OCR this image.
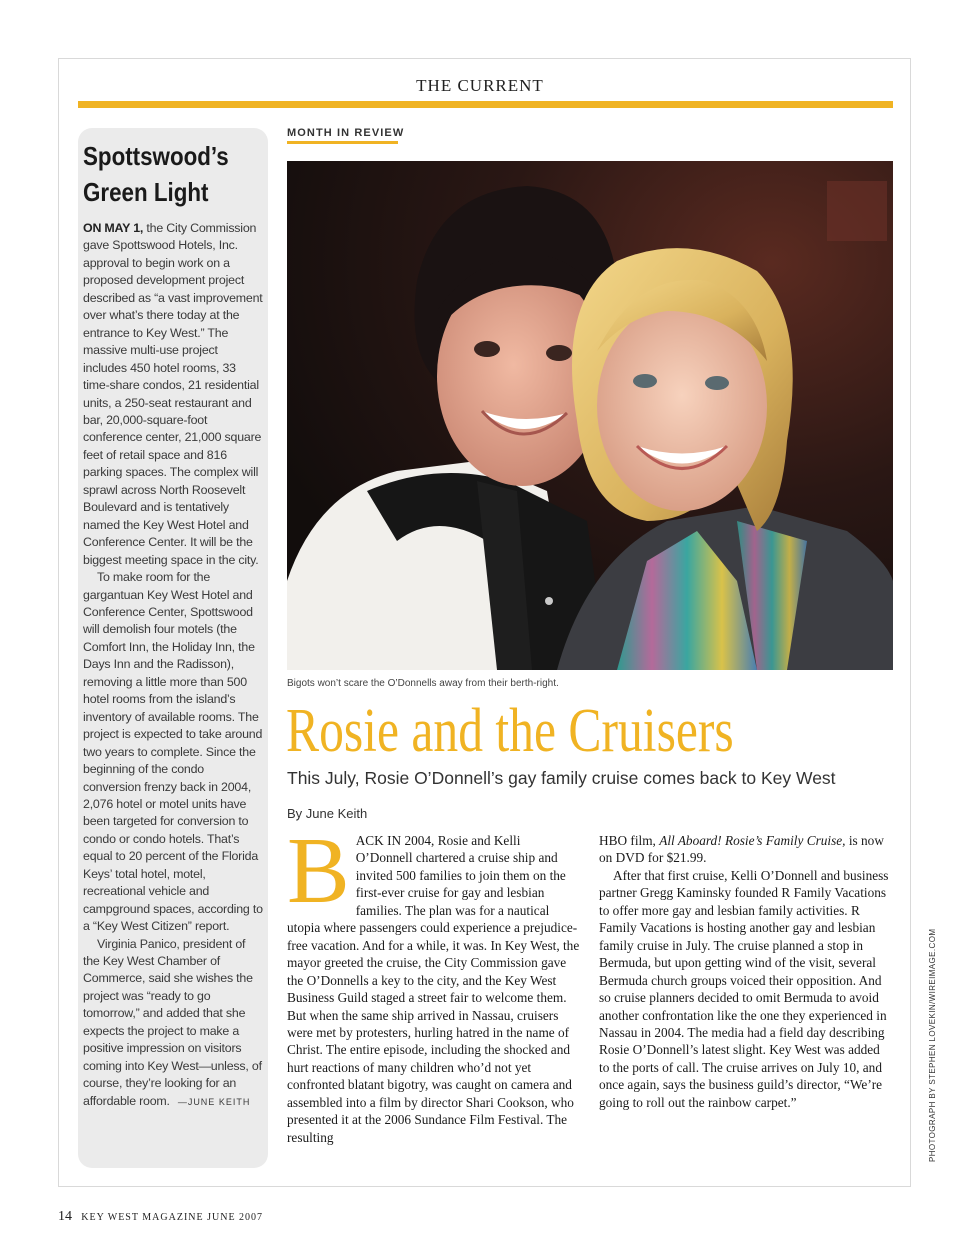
THE CURRENT
Spottswood’s Green Light

ON MAY 1, the City Commission gave Spottswood Hotels, Inc. approval to begin work on a proposed development project described as “a vast improvement over what’s there today at the entrance to Key West.” The massive multi-use project includes 450 hotel rooms, 33 time-share condos, 21 residential units, a 250-seat restaurant and bar, 20,000-square-foot conference center, 21,000 square feet of retail space and 816 parking spaces. The complex will sprawl across North Roosevelt Boulevard and is tentatively named the Key West Hotel and Conference Center. It will be the biggest meeting space in the city.

To make room for the gargantuan Key West Hotel and Conference Center, Spottswood will demolish four motels (the Comfort Inn, the Holiday Inn, the Days Inn and the Radisson), removing a little more than 500 hotel rooms from the island’s inventory of available rooms. The project is expected to take around two years to complete. Since the beginning of the condo conversion frenzy back in 2004, 2,076 hotel or motel units have been targeted for conversion to condo or condo hotels. That’s equal to 20 percent of the Florida Keys’ total hotel, motel, recreational vehicle and campground spaces, according to a “Key West Citizen” report.

Virginia Panico, president of the Key West Chamber of Commerce, said she wishes the project was “ready to go tomorrow,” and added that she expects the project to make a positive impression on visitors coming into Key West—unless, of course, they’re looking for an affordable room. —JUNE KEITH

MONTH IN REVIEW
Bigots won’t scare the O’Donnells away from their berth-right.
PHOTOGRAPH BY STEPHEN LOVEKIN/WIREIMAGE.COM
Rosie and the Cruisers
This July, Rosie O’Donnell’s gay family cruise comes back to Key West
By June Keith

BACK IN 2004, Rosie and Kelli O’Donnell chartered a cruise ship and invited 500 families to join them on the first-ever cruise for gay and lesbian families. The plan was for a nautical utopia where passengers could experience a prejudice-free vacation. And for a while, it was. In Key West, the mayor greeted the cruise, the City Commission gave the O’Donnells a key to the city, and the Key West Business Guild staged a street fair to welcome them. But when the same ship arrived in Nassau, cruisers were met by protesters, hurling hatred in the name of Christ. The entire episode, including the shocked and hurt reactions of many children who’d not yet confronted blatant bigotry, was caught on camera and assembled into a film by director Shari Cookson, who presented it at the 2006 Sundance Film Festival. The resulting

HBO film, All Aboard! Rosie’s Family Cruise, is now on DVD for $21.99.

After that first cruise, Kelli O’Donnell and business partner Gregg Kaminsky founded R Family Vacations to offer more gay and lesbian family activities. R Family Vacations is hosting another gay and lesbian family cruise in July. The cruise planned a stop in Bermuda, but upon getting wind of the visit, several Bermuda church groups voiced their opposition. And so cruise planners decided to omit Bermuda to avoid another confrontation like the one they experienced in Nassau in 2004. The media had a field day describing Rosie O’Donnell’s latest slight. Key West was added to the ports of call. The cruise arrives on July 10, and once again, says the business guild’s director, “We’re going to roll out the rainbow carpet.”

14 KEY WEST MAGAZINE JUNE 2007
